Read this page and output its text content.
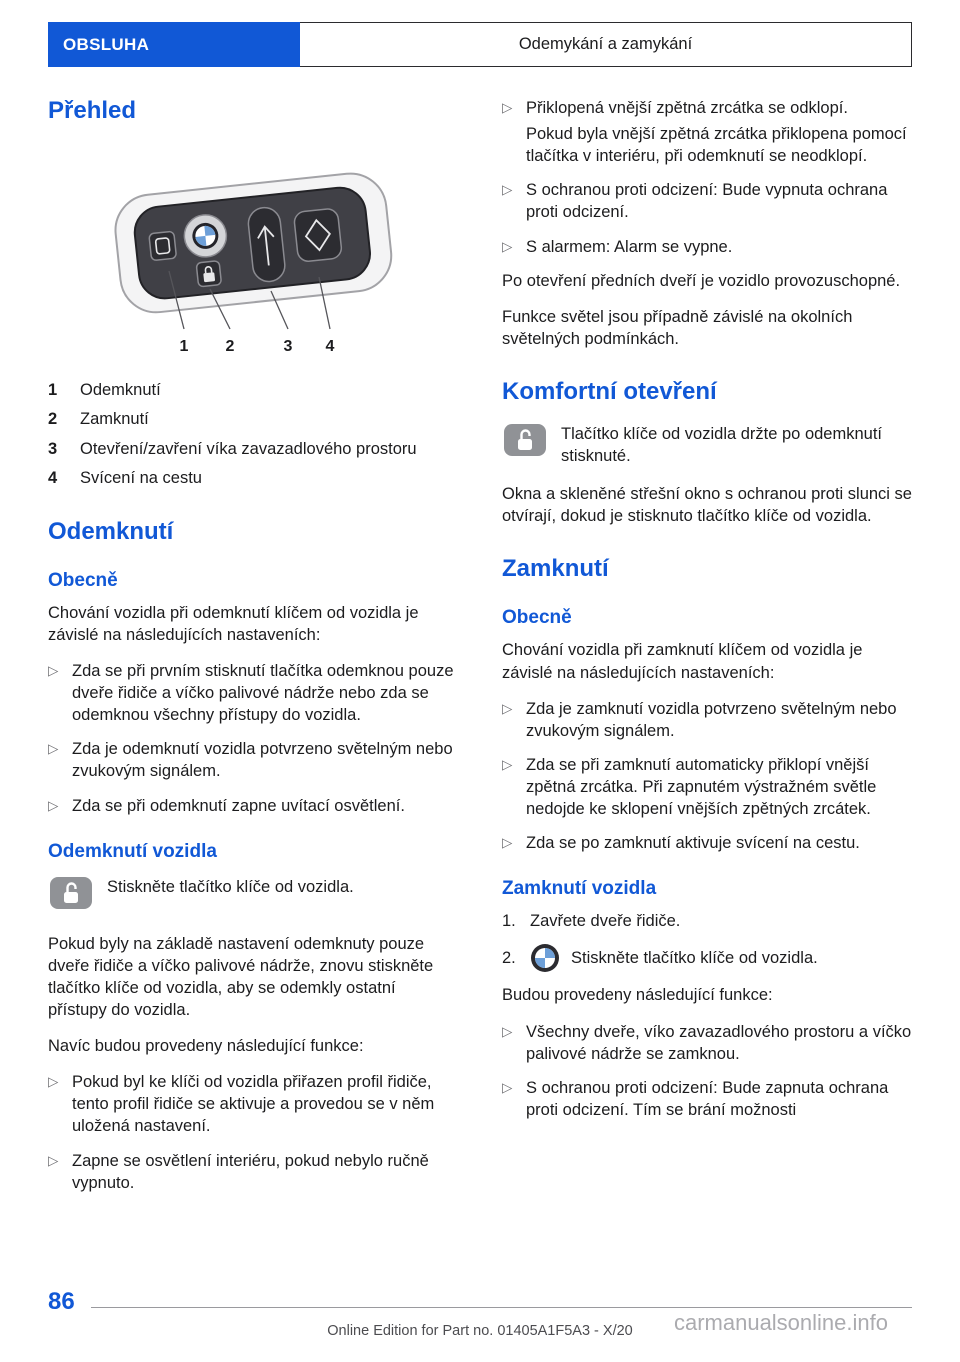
OBSLUHA	Odemykání a zamykání
Přehled
1 2	3 4
1	Odemknutí
2	Zamknutí
3	Otevření/zavření víka zavazadlového prostoru
4	Svícení na cestu
Odemknutí
Obecně

Chování vozidla při odemknutí klíčem od vozidla je závislé na následujících nastaveních:

▷ Zda se při prvním stisknutí tlačítka odemknou pouze dveře řidiče a víčko palivové nádrže nebo zda se odemknou všechny přístupy do vozidla.
▷ Zda je odemknutí vozidla potvrzeno světelným nebo zvukovým signálem.
▷ Zda se při odemknutí zapne uvítací osvětlení.
Odemknutí vozidla
Stiskněte tlačítko klíče od vozidla.

Pokud byly na základě nastavení odemknuty pouze dveře řidiče a víčko palivové nádrže, znovu stiskněte tlačítko klíče od vozidla, aby se odemkly ostatní přístupy do vozidla.

Navíc budou provedeny následující funkce:

▷ Pokud byl ke klíči od vozidla přiřazen profil řidiče, tento profil řidiče se aktivuje a provedou se v něm uložená nastavení.
▷ Zapne se osvětlení interiéru, pokud nebylo ručně vypnuto.
▷ Přiklopená vnější zpětná zrcátka se odklopí.
Pokud byla vnější zpětná zrcátka přiklopena pomocí tlačítka v interiéru, při odemknutí se neodklopí.
▷ S ochranou proti odcizení: Bude vypnuta ochrana proti odcizení.
▷ S alarmem: Alarm se vypne.

Po otevření předních dveří je vozidlo provozuschopné.

Funkce světel jsou případně závislé na okolních světelných podmínkách.

Komfortní otevření
Tlačítko klíče od vozidla držte po odemknutí stisknuté.

Okna a skleněné střešní okno s ochranou proti slunci se otvírají, dokud je stisknuto tlačítko klíče od vozidla.

Zamknutí
Obecně

Chování vozidla při zamknutí klíčem od vozidla je závislé na následujících nastaveních:

▷ Zda je zamknutí vozidla potvrzeno světelným nebo zvukovým signálem.
▷ Zda se při zamknutí automaticky přiklopí vnější zpětná zrcátka. Při zapnutém výstražném světle nedojde ke sklopení vnějších zpětných zrcátek.
▷ Zda se po zamknutí aktivuje svícení na cestu.
Zamknutí vozidla
1. Zavřete dveře řidiče.
2.	Stiskněte tlačítko klíče od vozidla.

Budou provedeny následující funkce:

▷ Všechny dveře, víko zavazadlového prostoru a víčko palivové nádrže se zamknou.
▷ S ochranou proti odcizení: Bude zapnuta ochrana proti odcizení. Tím se brání možnosti
86
Online Edition for Part no. 01405A1F5A3 - X/20	carmanualsonline.info
